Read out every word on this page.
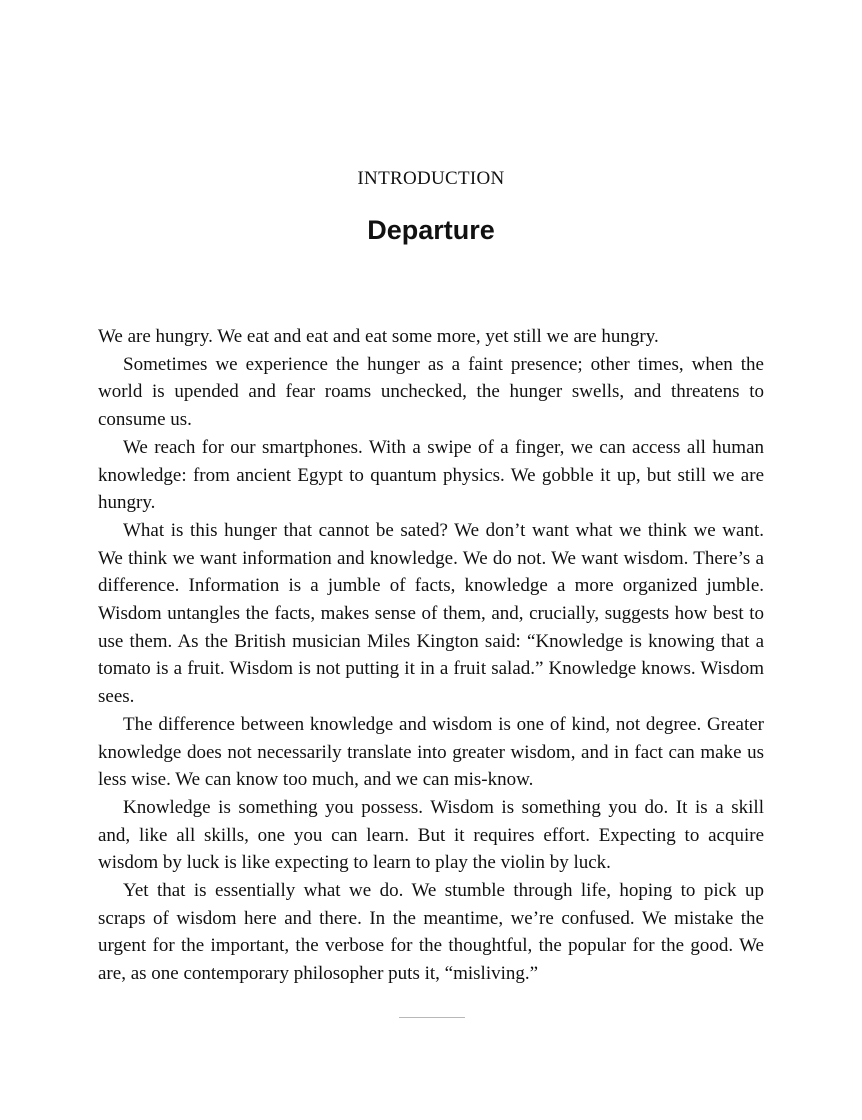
INTRODUCTION
Departure

We are hungry. We eat and eat and eat some more, yet still we are hungry.

Sometimes we experience the hunger as a faint presence; other times, when the world is upended and fear roams unchecked, the hunger swells, and threatens to consume us.

We reach for our smartphones. With a swipe of a finger, we can access all human knowledge: from ancient Egypt to quantum physics. We gobble it up, but still we are hungry.

What is this hunger that cannot be sated? We don’t want what we think we want. We think we want information and knowledge. We do not. We want wisdom. There’s a difference. Information is a jumble of facts, knowledge a more organized jumble. Wisdom untangles the facts, makes sense of them, and, crucially, suggests how best to use them. As the British musician Miles Kington said: “Knowledge is knowing that a tomato is a fruit. Wisdom is not putting it in a fruit salad.” Knowledge knows. Wisdom sees.

The difference between knowledge and wisdom is one of kind, not degree. Greater knowledge does not necessarily translate into greater wisdom, and in fact can make us less wise. We can know too much, and we can mis-know.

Knowledge is something you possess. Wisdom is something you do. It is a skill and, like all skills, one you can learn. But it requires effort. Expecting to acquire wisdom by luck is like expecting to learn to play the violin by luck.

Yet that is essentially what we do. We stumble through life, hoping to pick up scraps of wisdom here and there. In the meantime, we’re confused. We mistake the urgent for the important, the verbose for the thoughtful, the popular for the good. We are, as one contemporary philosopher puts it, “misliving.”
